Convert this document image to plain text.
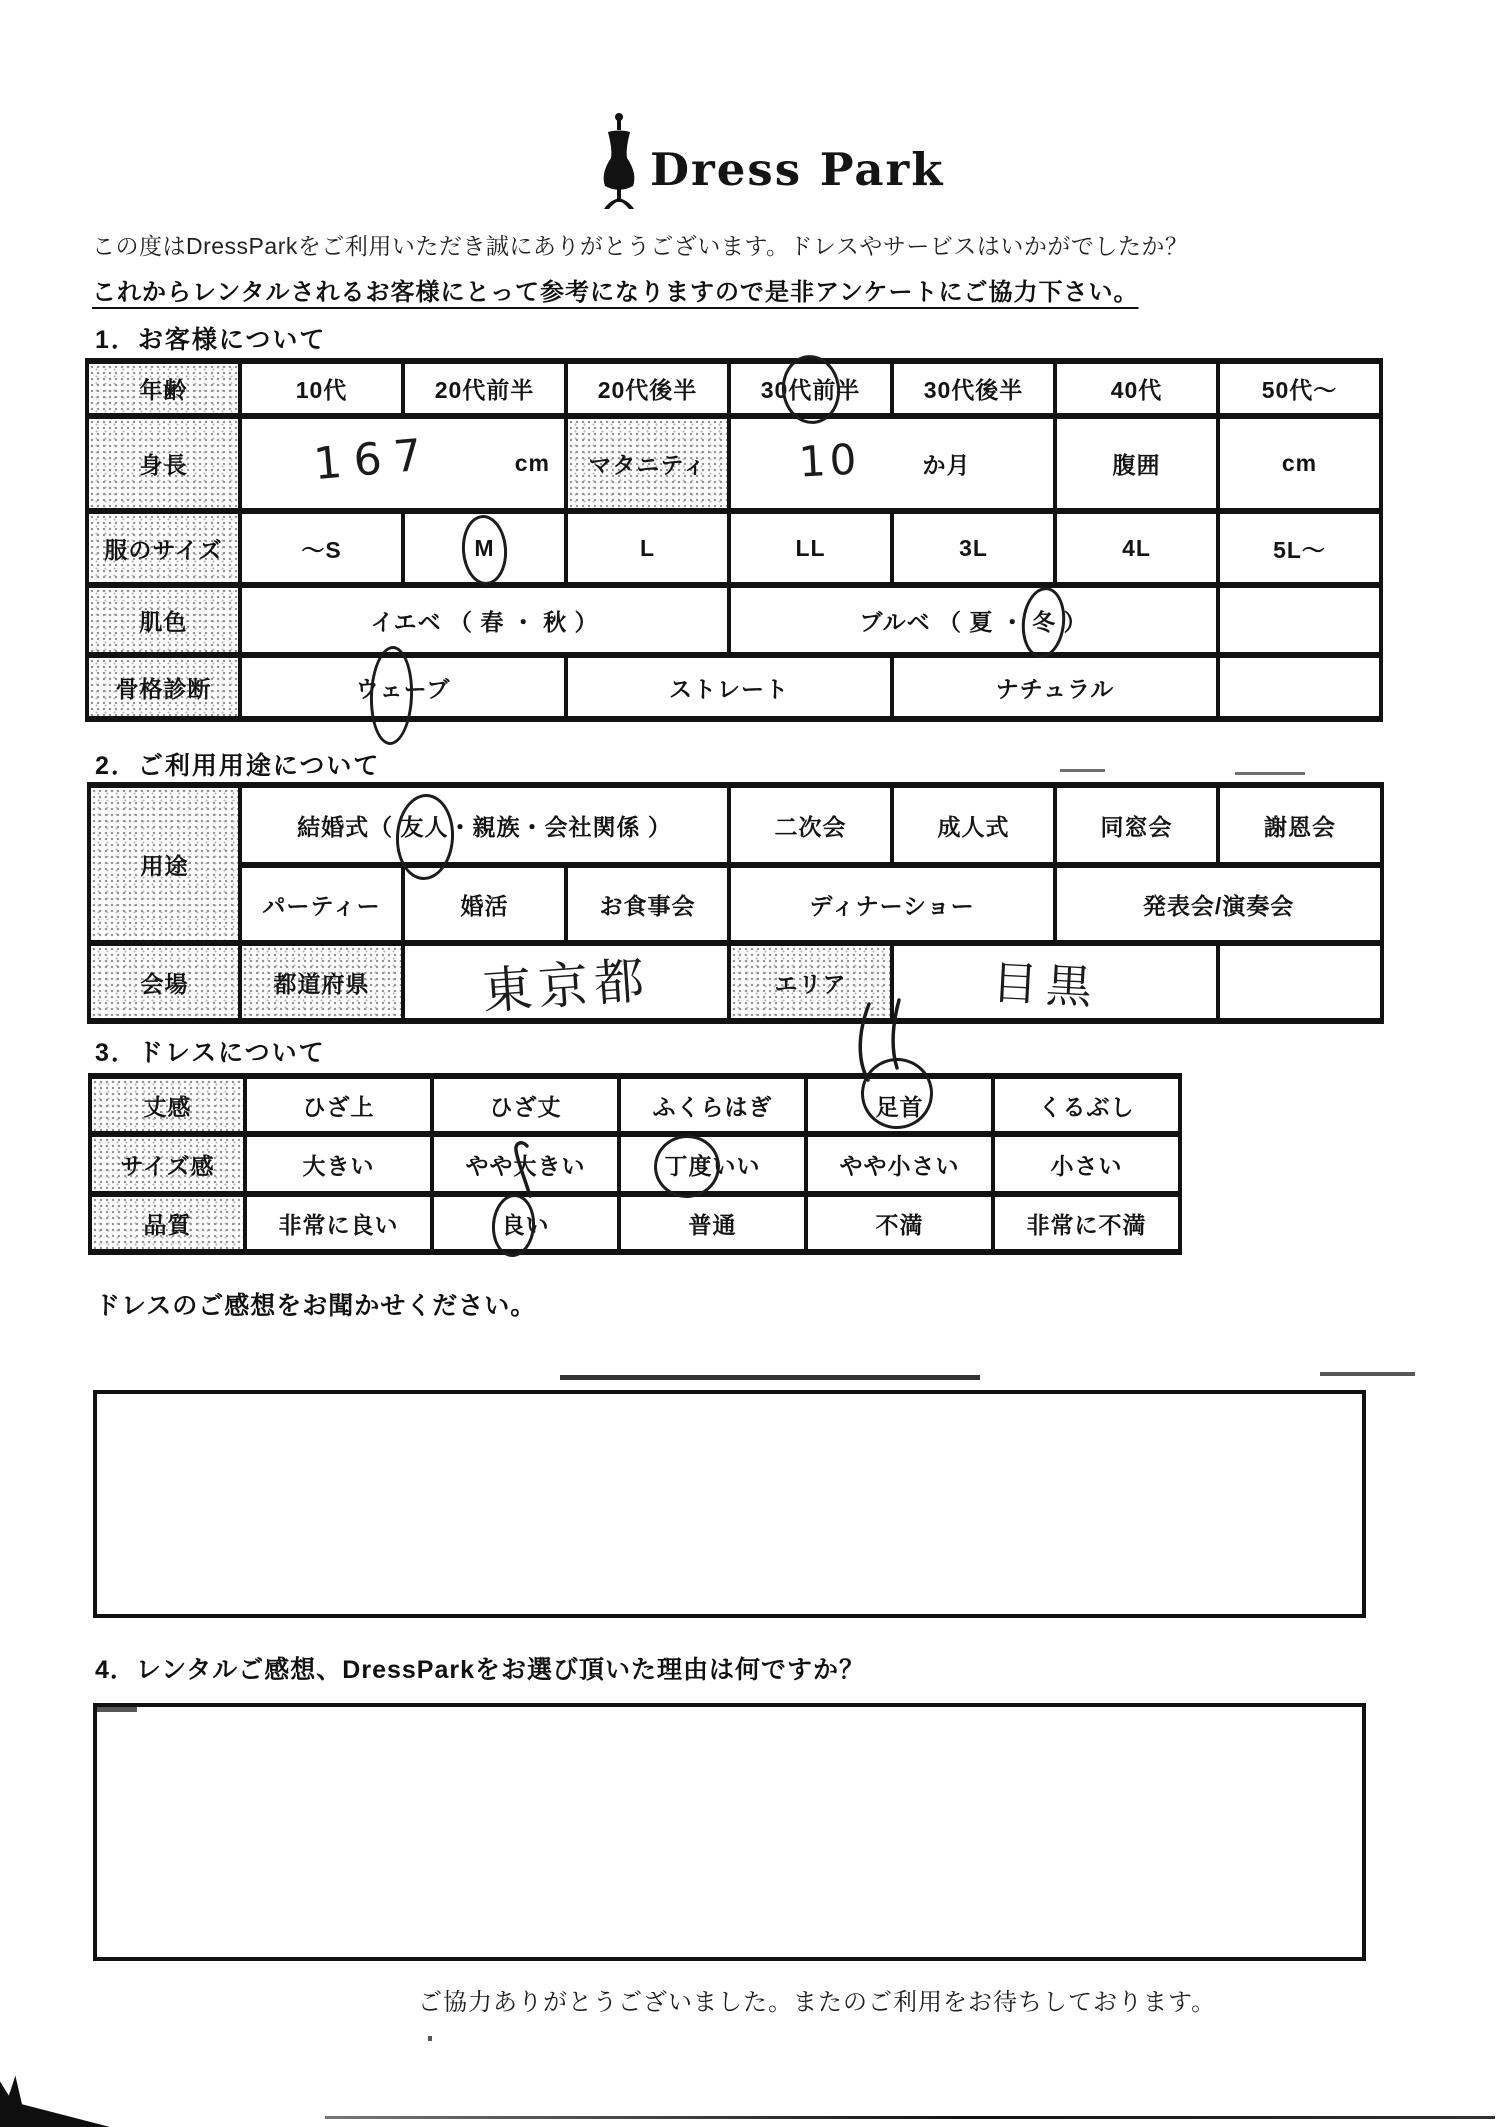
Dress Park
この度はDressParkをご利用いただき誠にありがとうございます。ドレスやサービスはいかがでしたか？
これからレンタルされるお客様にとって参考になりますので是非アンケートにご協力下さい。
1．お客様について
年齢	10代	20代前半	20代後半	30代前半	30代後半	40代	50代～
身長	167 cm		マタニティ	10 か月		腹囲	cm
服のサイズ	～S	M	L	LL	3L	4L	5L～
肌色	イエベ （ 春 ・ 秋 ）			ブルベ （ 夏 ・ 冬 ）			
骨格診断	ウェーブ		ストレート		ナチュラル		
2．ご利用用途について
用途	結婚式（ 友人・親族・会社関係 ）			二次会	成人式	同窓会	謝恩会
	パーティー	婚活	お食事会	ディナーショー		発表会/演奏会	
会場	都道府県	東京都		エリア	目黒		

3．ドレスについて
丈感	ひざ上	ひざ丈	ふくらはぎ	足首	くるぶし
サイズ感	大きい	やや大きい	丁度いい	やや小さい	小さい
品質	非常に良い	良い	普通	不満	非常に不満
ドレスのご感想をお聞かせください。
4．レンタルご感想、DressParkをお選び頂いた理由は何ですか？
ご協力ありがとうございました。またのご利用をお待ちしております。
